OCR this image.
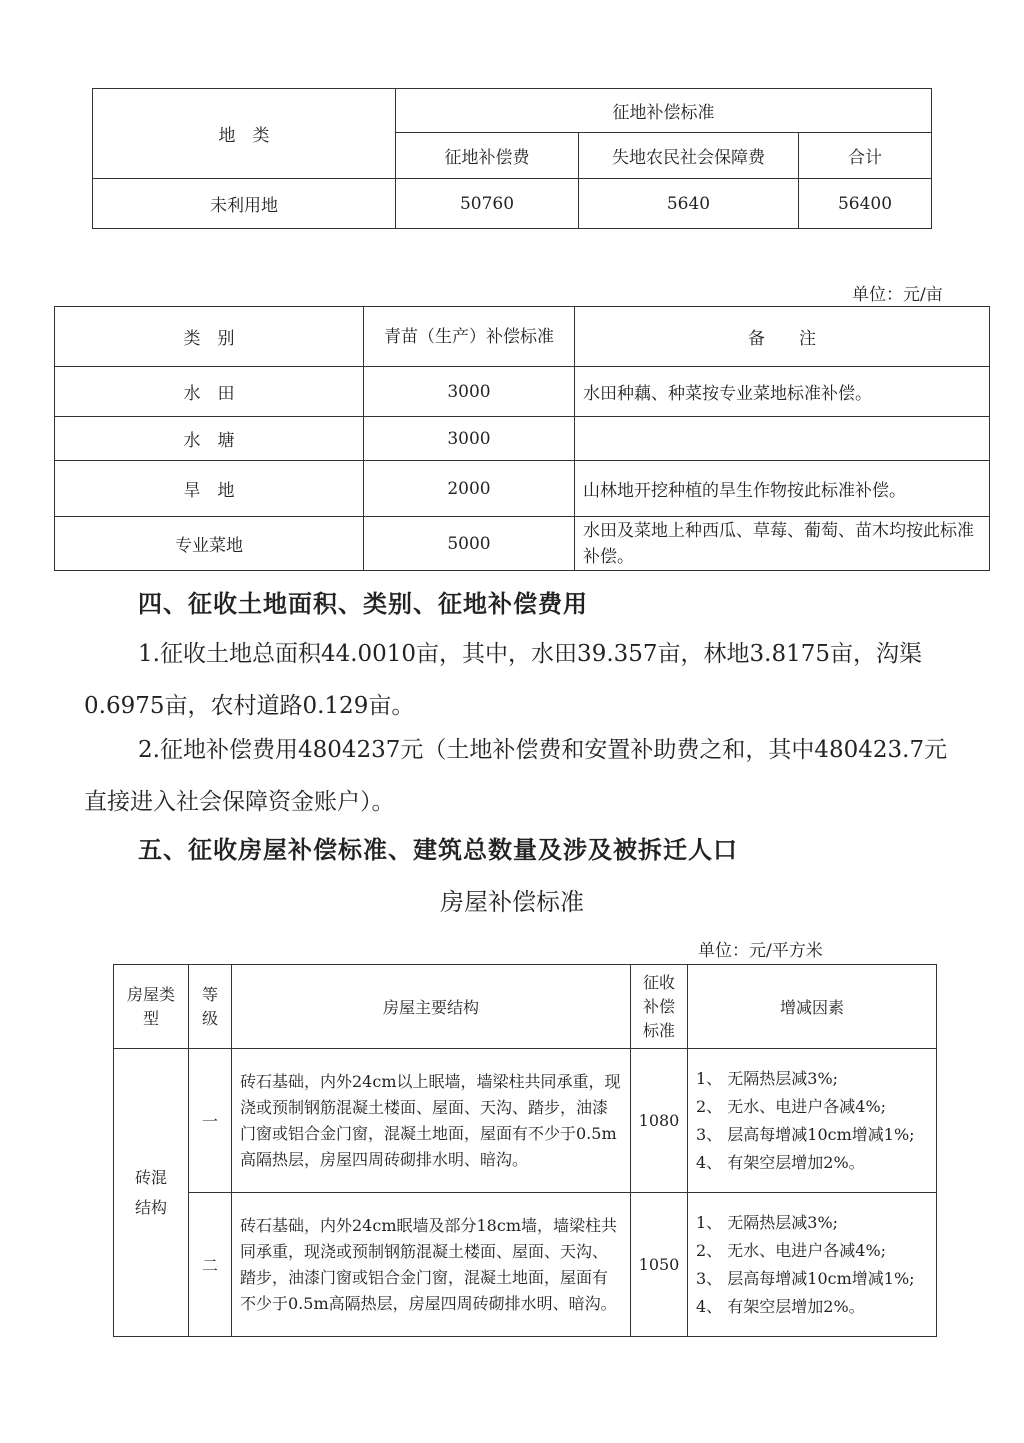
地　类	征地补偿标准		
	征地补偿费	失地农民社会保障费	合计
未利用地	50760	5640	56400
单位：元/亩
类　别	青苗（生产）补偿标准	备　　注
水　田	3000	水田种藕、种菜按专业菜地标准补偿。
水　塘	3000	
旱　地	2000	山林地开挖种植的旱生作物按此标准补偿。
专业菜地	5000	水田及菜地上种西瓜、草莓、葡萄、苗木均按此标准补偿。
四、征收土地面积、类别、征地补偿费用

1.征收土地总面积44.0010亩，其中，水田39.357亩，林地3.8175亩，沟渠0.6975亩，农村道路0.129亩。

2.征地补偿费用4804237元（土地补偿费和安置补助费之和，其中480423.7元直接进入社会保障资金账户）。

五、征收房屋补偿标准、建筑总数量及涉及被拆迁人口
房屋补偿标准
单位：元/平方米
房屋类型	等级	房屋主要结构	征收补偿标准	增减因素
砖混结构	一	砖石基础，内外24cm以上眠墙，墙梁柱共同承重，现浇或预制钢筋混凝土楼面、屋面、天沟、踏步，油漆门窗或铝合金门窗，混凝土地面，屋面有不少于0.5m高隔热层，房屋四周砖砌排水明、暗沟。	1080	1、 无隔热层减3%;
2、 无水、电进户各减4%;
3、 层高每增减10cm增减1%;
4、 有架空层增加2%。

	二	砖石基础，内外24cm眠墙及部分18cm墙，墙梁柱共同承重，现浇或预制钢筋混凝土楼面、屋面、天沟、踏步，油漆门窗或铝合金门窗，混凝土地面，屋面有不少于0.5m高隔热层，房屋四周砖砌排水明、暗沟。	1050	1、 无隔热层减3%;
2、 无水、电进户各减4%;
3、 层高每增减10cm增减1%;
4、 有架空层增加2%。
